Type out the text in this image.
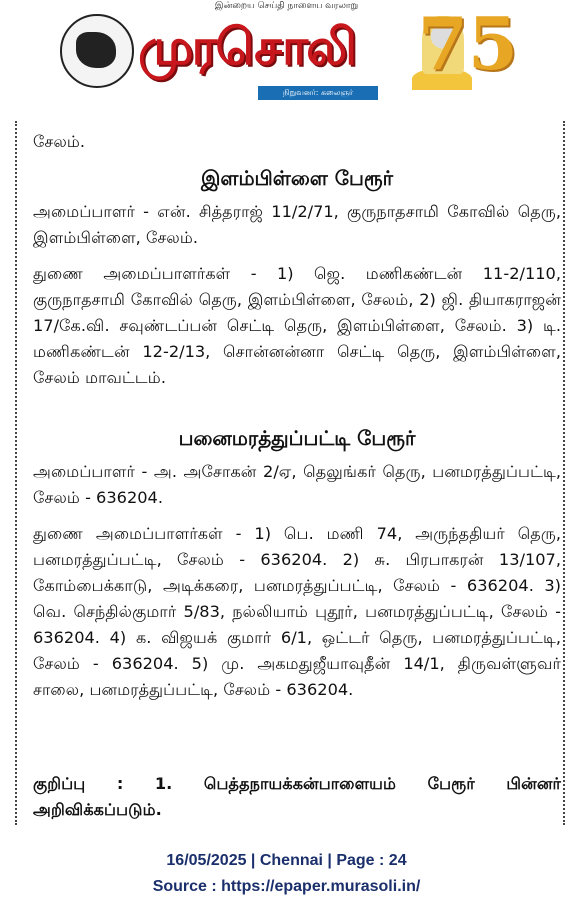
இன்றைய செய்தி நாளைய வரலாறு
முரசொலி
நிறுவனர்: கலைஞர் மு.கருணாநிதி
75

சேலம்.

இளம்பிள்ளை பேரூர்

அமைப்பாளர் - என். சித்தராஜ் 11/2/71, குருநாதசாமி கோவில் தெரு, இளம்பிள்ளை, சேலம்.

துணை அமைப்பாளர்கள் - 1) ஜெ. மணிகண்டன் 11-2/110, குருநாதசாமி கோவில் தெரு, இளம்பிள்ளை, சேலம், 2) ஜி. தியாகராஜன் 17/கே.வி. சவுண்டப்பன் செட்டி தெரு, இளம்பிள்ளை, சேலம். 3) டி. மணிகண்டன் 12-2/13, சொன்னன்னா செட்டி தெரு, இளம்பிள்ளை, சேலம் மாவட்டம்.

பனைமரத்துப்பட்டி பேரூர்

அமைப்பாளர் - அ. அசோகன் 2/ஏ, தெலுங்கர் தெரு, பனமரத்துப்பட்டி, சேலம் - 636204.

துணை அமைப்பாளர்கள் - 1) பெ. மணி 74, அருந்ததியர் தெரு, பனமரத்துப்பட்டி, சேலம் - 636204. 2) சு. பிரபாகரன் 13/107, கோம்பைக்காடு, அடிக்கரை, பனமரத்துப்பட்டி, சேலம் - 636204. 3) வெ. செந்தில்குமார் 5/83, நல்லியாம் புதூர், பனமரத்துப்பட்டி, சேலம் - 636204. 4) க. விஜயக் குமார் 6/1, ஒட்டர் தெரு, பனமரத்துப்பட்டி, சேலம் - 636204. 5) மு. அகமதுஜீயாவுதீன் 14/1, திருவள்ளுவர் சாலை, பனமரத்துப்பட்டி, சேலம் - 636204.

குறிப்பு : 1. பெத்தநாயக்கன்பாளையம் பேரூர் பின்னர் அறிவிக்கப்படும்.

16/05/2025 | Chennai | Page : 24
Source : https://epaper.murasoli.in/
